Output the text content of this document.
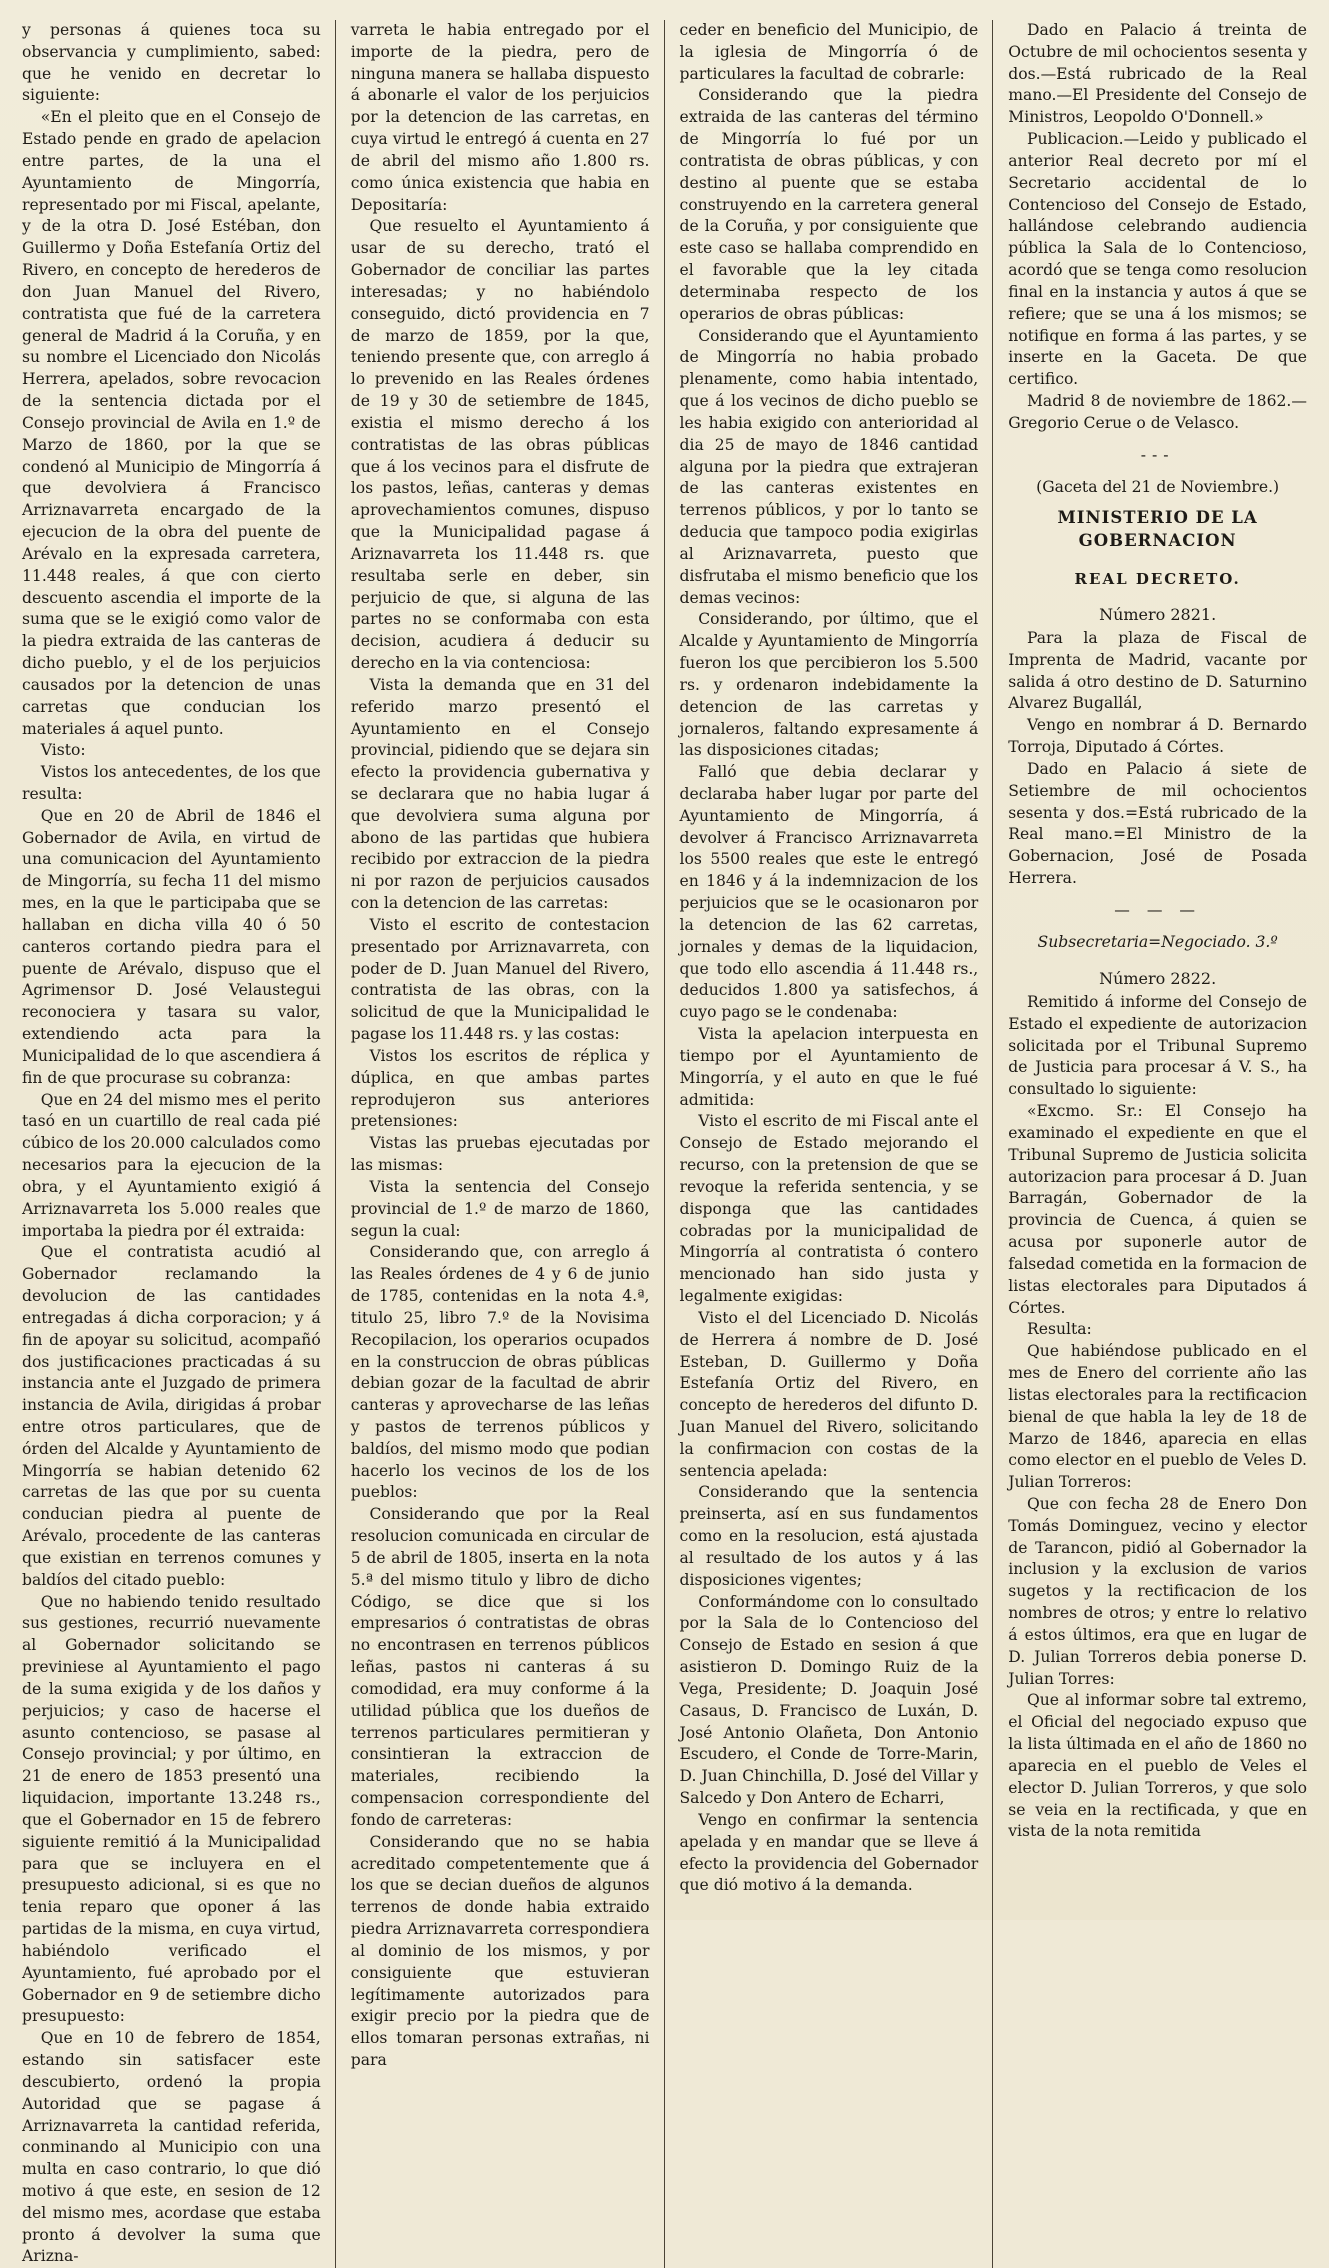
y personas á quienes toca su observancia y cumplimiento, sabed: que he venido en decretar lo siguiente:

«En el pleito que en el Consejo de Estado pende en grado de apelacion entre partes, de la una el Ayuntamiento de Mingorría, representado por mi Fiscal, apelante, y de la otra D. José Estéban, don Guillermo y Doña Estefanía Ortiz del Rivero, en concepto de herederos de don Juan Manuel del Rivero, contratista que fué de la carretera general de Madrid á la Coruña, y en su nombre el Licenciado don Nicolás Herrera, apelados, sobre revocacion de la sentencia dictada por el Consejo provincial de Avila en 1.º de Marzo de 1860, por la que se condenó al Municipio de Mingorría á que devolviera á Francisco Arriznavarreta encargado de la ejecucion de la obra del puente de Arévalo en la expresada carretera, 11.448 reales, á que con cierto descuento ascendia el importe de la suma que se le exigió como valor de la piedra extraida de las canteras de dicho pueblo, y el de los perjuicios causados por la detencion de unas carretas que conducian los materiales á aquel punto.

Visto:

Vistos los antecedentes, de los que resulta:

Que en 20 de Abril de 1846 el Gobernador de Avila, en virtud de una comunicacion del Ayuntamiento de Mingorría, su fecha 11 del mismo mes, en la que le participaba que se hallaban en dicha villa 40 ó 50 canteros cortando piedra para el puente de Arévalo, dispuso que el Agrimensor D. José Velaustegui reconociera y tasara su valor, extendiendo acta para la Municipalidad de lo que ascendiera á fin de que procurase su cobranza:

Que en 24 del mismo mes el perito tasó en un cuartillo de real cada pié cúbico de los 20.000 calculados como necesarios para la ejecucion de la obra, y el Ayuntamiento exigió á Arriznavarreta los 5.000 reales que importaba la piedra por él extraida:

Que el contratista acudió al Gobernador reclamando la devolucion de las cantidades entregadas á dicha corporacion; y á fin de apoyar su solicitud, acompañó dos justificaciones practicadas á su instancia ante el Juzgado de primera instancia de Avila, dirigidas á probar entre otros particulares, que de órden del Alcalde y Ayuntamiento de Mingorría se habian detenido 62 carretas de las que por su cuenta conducian piedra al puente de Arévalo, procedente de las canteras que existian en terrenos comunes y baldíos del citado pueblo:

Que no habiendo tenido resultado sus gestiones, recurrió nuevamente al Gobernador solicitando se previniese al Ayuntamiento el pago de la suma exigida y de los daños y perjuicios; y caso de hacerse el asunto contencioso, se pasase al Consejo provincial; y por último, en 21 de enero de 1853 presentó una liquidacion, importante 13.248 rs., que el Gobernador en 15 de febrero siguiente remitió á la Municipalidad para que se incluyera en el presupuesto adicional, si es que no tenia reparo que oponer á las partidas de la misma, en cuya virtud, habiéndolo verificado el Ayuntamiento, fué aprobado por el Gobernador en 9 de setiembre dicho presupuesto:

Que en 10 de febrero de 1854, estando sin satisfacer este descubierto, ordenó la propia Autoridad que se pagase á Arriznavarreta la cantidad referida, conminando al Municipio con una multa en caso contrario, lo que dió motivo á que este, en sesion de 12 del mismo mes, acordase que estaba pronto á devolver la suma que Arizna-

varreta le habia entregado por el importe de la piedra, pero de ninguna manera se hallaba dispuesto á abonarle el valor de los perjuicios por la detencion de las carretas, en cuya virtud le entregó á cuenta en 27 de abril del mismo año 1.800 rs. como única existencia que habia en Depositaría:

Que resuelto el Ayuntamiento á usar de su derecho, trató el Gobernador de conciliar las partes interesadas; y no habiéndolo conseguido, dictó providencia en 7 de marzo de 1859, por la que, teniendo presente que, con arreglo á lo prevenido en las Reales órdenes de 19 y 30 de setiembre de 1845, existia el mismo derecho á los contratistas de las obras públicas que á los vecinos para el disfrute de los pastos, leñas, canteras y demas aprovechamientos comunes, dispuso que la Municipalidad pagase á Ariznavarreta los 11.448 rs. que resultaba serle en deber, sin perjuicio de que, si alguna de las partes no se conformaba con esta decision, acudiera á deducir su derecho en la via contenciosa:

Vista la demanda que en 31 del referido marzo presentó el Ayuntamiento en el Consejo provincial, pidiendo que se dejara sin efecto la providencia gubernativa y se declarara que no habia lugar á que devolviera suma alguna por abono de las partidas que hubiera recibido por extraccion de la piedra ni por razon de perjuicios causados con la detencion de las carretas:

Visto el escrito de contestacion presentado por Arriznavarreta, con poder de D. Juan Manuel del Rivero, contratista de las obras, con la solicitud de que la Municipalidad le pagase los 11.448 rs. y las costas:

Vistos los escritos de réplica y dúplica, en que ambas partes reprodujeron sus anteriores pretensiones:

Vistas las pruebas ejecutadas por las mismas:

Vista la sentencia del Consejo provincial de 1.º de marzo de 1860, segun la cual:

Considerando que, con arreglo á las Reales órdenes de 4 y 6 de junio de 1785, contenidas en la nota 4.ª, titulo 25, libro 7.º de la Novisima Recopilacion, los operarios ocupados en la construccion de obras públicas debian gozar de la facultad de abrir canteras y aprovecharse de las leñas y pastos de terrenos públicos y baldíos, del mismo modo que podian hacerlo los vecinos de los de los pueblos:

Considerando que por la Real resolucion comunicada en circular de 5 de abril de 1805, inserta en la nota 5.ª del mismo titulo y libro de dicho Código, se dice que si los empresarios ó contratistas de obras no encontrasen en terrenos públicos leñas, pastos ni canteras á su comodidad, era muy conforme á la utilidad pública que los dueños de terrenos particulares permitieran y consintieran la extraccion de materiales, recibiendo la compensacion correspondiente del fondo de carreteras:

Considerando que no se habia acreditado competentemente que á los que se decian dueños de algunos terrenos de donde habia extraido piedra Arriznavarreta correspondiera al dominio de los mismos, y por consiguiente que estuvieran legítimamente autorizados para exigir precio por la piedra que de ellos tomaran personas extrañas, ni para

ceder en beneficio del Municipio, de la iglesia de Mingorría ó de particulares la facultad de cobrarle:

Considerando que la piedra extraida de las canteras del término de Mingorría lo fué por un contratista de obras públicas, y con destino al puente que se estaba construyendo en la carretera general de la Coruña, y por consiguiente que este caso se hallaba comprendido en el favorable que la ley citada determinaba respecto de los operarios de obras públicas:

Considerando que el Ayuntamiento de Mingorría no habia probado plenamente, como habia intentado, que á los vecinos de dicho pueblo se les habia exigido con anterioridad al dia 25 de mayo de 1846 cantidad alguna por la piedra que extrajeran de las canteras existentes en terrenos públicos, y por lo tanto se deducia que tampoco podia exigirlas al Ariznavarreta, puesto que disfrutaba el mismo beneficio que los demas vecinos:

Considerando, por último, que el Alcalde y Ayuntamiento de Mingorría fueron los que percibieron los 5.500 rs. y ordenaron indebidamente la detencion de las carretas y jornaleros, faltando expresamente á las disposiciones citadas;

Falló que debia declarar y declaraba haber lugar por parte del Ayuntamiento de Mingorría, á devolver á Francisco Arriznavarreta los 5500 reales que este le entregó en 1846 y á la indemnizacion de los perjuicios que se le ocasionaron por la detencion de las 62 carretas, jornales y demas de la liquidacion, que todo ello ascendia á 11.448 rs., deducidos 1.800 ya satisfechos, á cuyo pago se le condenaba:

Vista la apelacion interpuesta en tiempo por el Ayuntamiento de Mingorría, y el auto en que le fué admitida:

Visto el escrito de mi Fiscal ante el Consejo de Estado mejorando el recurso, con la pretension de que se revoque la referida sentencia, y se disponga que las cantidades cobradas por la municipalidad de Mingorría al contratista ó contero mencionado han sido justa y legalmente exigidas:

Visto el del Licenciado D. Nicolás de Herrera á nombre de D. José Esteban, D. Guillermo y Doña Estefanía Ortiz del Rivero, en concepto de herederos del difunto D. Juan Manuel del Rivero, solicitando la confirmacion con costas de la sentencia apelada:

Considerando que la sentencia preinserta, así en sus fundamentos como en la resolucion, está ajustada al resultado de los autos y á las disposiciones vigentes;

Conformándome con lo consultado por la Sala de lo Contencioso del Consejo de Estado en sesion á que asistieron D. Domingo Ruiz de la Vega, Presidente; D. Joaquin José Casaus, D. Francisco de Luxán, D. José Antonio Olañeta, Don Antonio Escudero, el Conde de Torre-Marin, D. Juan Chinchilla, D. José del Villar y Salcedo y Don Antero de Echarri,

Vengo en confirmar la sentencia apelada y en mandar que se lleve á efecto la providencia del Gobernador que dió motivo á la demanda.

Dado en Palacio á treinta de Octubre de mil ochocientos sesenta y dos.—Está rubricado de la Real mano.—El Presidente del Consejo de Ministros, Leopoldo O'Donnell.»

Publicacion.—Leido y publicado el anterior Real decreto por mí el Secretario accidental de lo Contencioso del Consejo de Estado, hallándose celebrando audiencia pública la Sala de lo Contencioso, acordó que se tenga como resolucion final en la instancia y autos á que se refiere; que se una á los mismos; se notifique en forma á las partes, y se inserte en la Gaceta. De que certifico.

Madrid 8 de noviembre de 1862.—Gregorio Cerue o de Velasco.

---

(Gaceta del 21 de Noviembre.)

MINISTERIO DE LA GOBERNACION
REAL DECRETO.
Número 2821.

Para la plaza de Fiscal de Imprenta de Madrid, vacante por salida á otro destino de D. Saturnino Alvarez Bugallál,

Vengo en nombrar á D. Bernardo Torroja, Diputado á Córtes.

Dado en Palacio á siete de Setiembre de mil ochocientos sesenta y dos.=Está rubricado de la Real mano.=El Ministro de la Gobernacion, José de Posada Herrera.

— — —

Subsecretaria=Negociado. 3.º

Número 2822.

Remitido á informe del Consejo de Estado el expediente de autorizacion solicitada por el Tribunal Supremo de Justicia para procesar á V. S., ha consultado lo siguiente:

«Excmo. Sr.: El Consejo ha examinado el expediente en que el Tribunal Supremo de Justicia solicita autorizacion para procesar á D. Juan Barragán, Gobernador de la provincia de Cuenca, á quien se acusa por suponerle autor de falsedad cometida en la formacion de listas electorales para Diputados á Córtes.

Resulta:

Que habiéndose publicado en el mes de Enero del corriente año las listas electorales para la rectificacion bienal de que habla la ley de 18 de Marzo de 1846, aparecia en ellas como elector en el pueblo de Veles D. Julian Torreros:

Que con fecha 28 de Enero Don Tomás Dominguez, vecino y elector de Tarancon, pidió al Gobernador la inclusion y la exclusion de varios sugetos y la rectificacion de los nombres de otros; y entre lo relativo á estos últimos, era que en lugar de D. Julian Torreros debia ponerse D. Julian Torres:

Que al informar sobre tal extremo, el Oficial del negociado expuso que la lista últimada en el año de 1860 no aparecia en el pueblo de Veles el elector D. Julian Torreros, y que solo se veia en la rectificada, y que en vista de la nota remitida
